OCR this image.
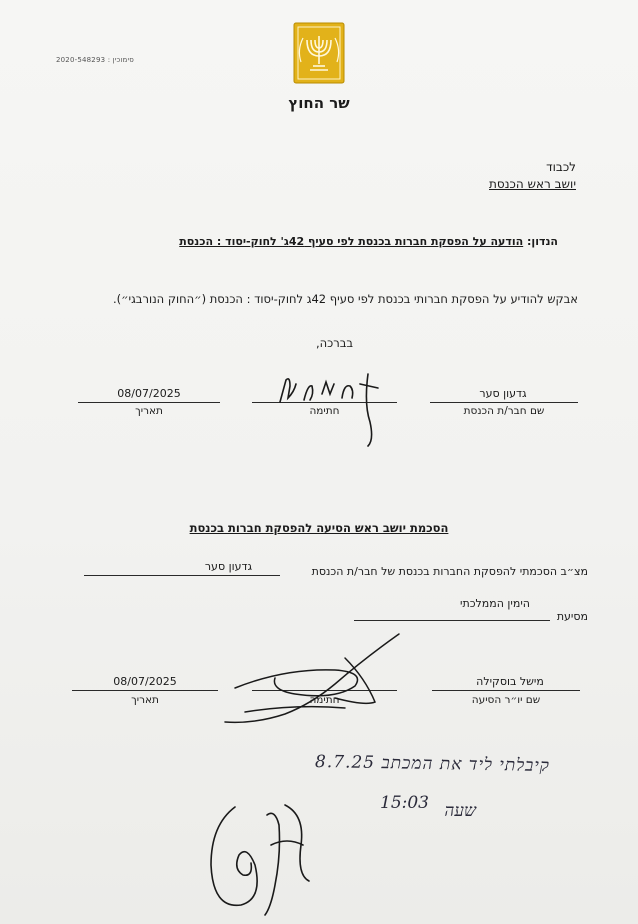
סימוכין : 2020-548293
שר החוץ
לכבוד
יושב ראש הכנסת
הנדון: הודעה על הפסקת חברות בכנסת לפי סעיף 42ג' לחוק-יסוד : הכנסת
אבקש להודיע על הפסקת חברותי בכנסת לפי סעיף 42ג לחוק-יסוד : הכנסת (״החוק הנורבגי״).
בברכה,
גדעון סער
שם חבר/ת הכנסת
חתימה
08/07/2025
תאריך
הסכמת יושב ראש הסיעה להפסקת חברות בכנסת
מצ״ב הסכמתי להפסקת החברות בכנסת של חבר/ת הכנסת
גדעון סער
מסיעת
הימין הממלכתי
מישל בוסקילה
שם יו״ר הסיעה
חתימה
08/07/2025
תאריך
קיבלתי ליד את המכתב 8.7.25
שעה
15:03
